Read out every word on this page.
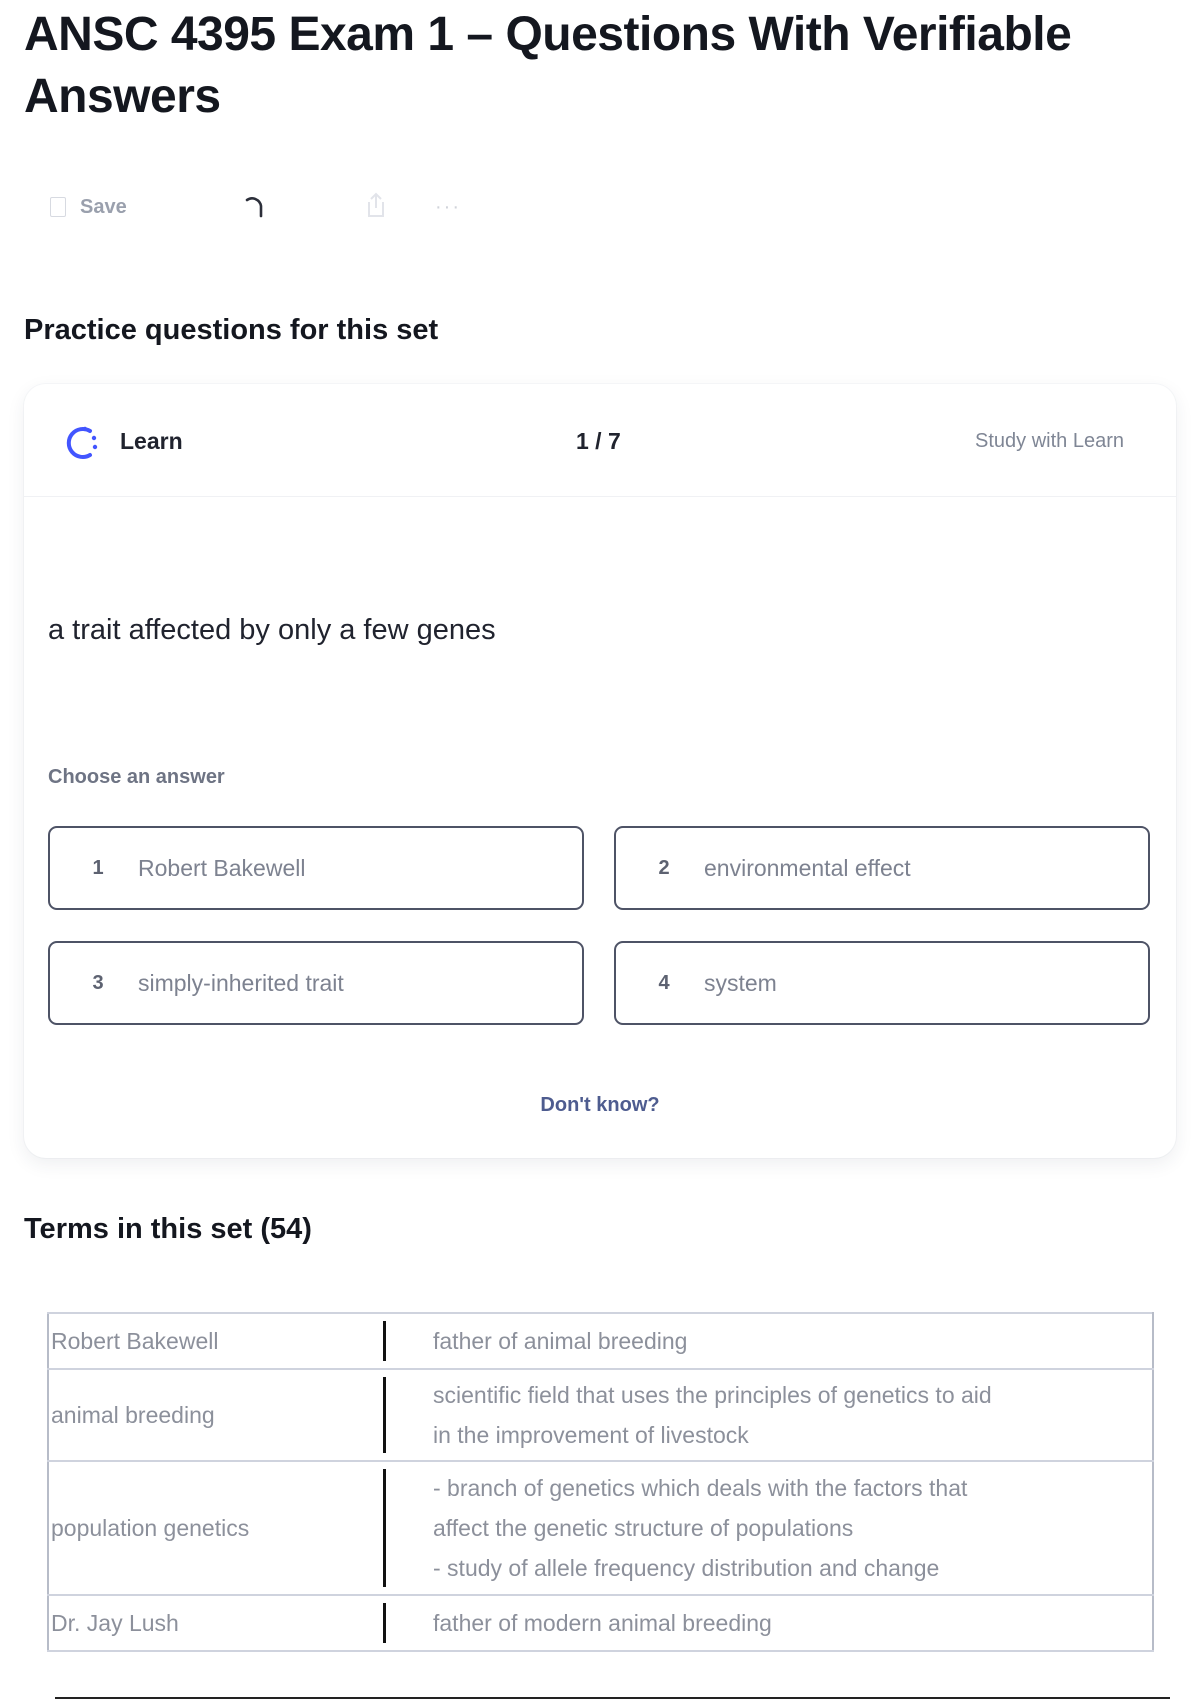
ANSC 4395 Exam 1 – Questions With Verifiable Answers
Save	···
Practice questions for this set
Learn	1 / 7	Study with Learn
a trait affected by only a few genes
Choose an answer
1	Robert Bakewell	2	environmental effect
3	simply-inherited trait	4	system
Don't know?
Terms in this set (54)
Robert Bakewell		father of animal breeding

animal breeding		scientific field that uses the principles of genetics to aid
in the improvement of livestock

population genetics		- branch of genetics which deals with the factors that
affect the genetic structure of populations
- study of allele frequency distribution and change

Dr. Jay Lush		father of modern animal breeding
